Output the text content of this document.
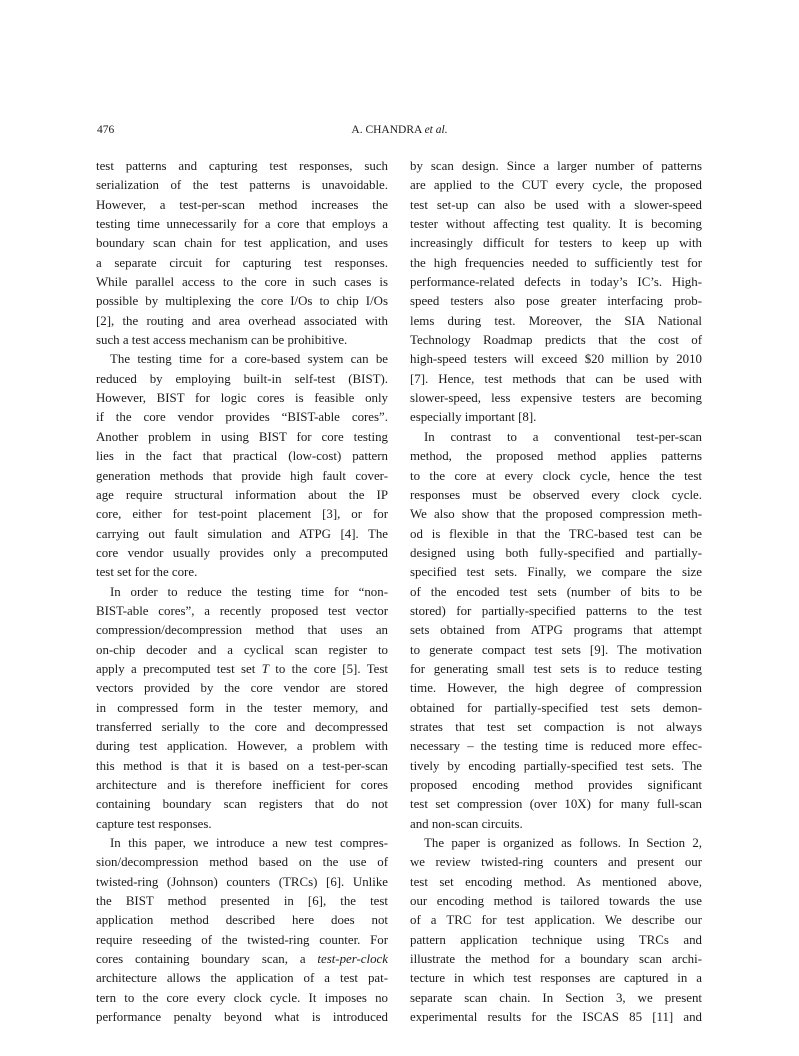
476	A. CHANDRA et al.
test patterns and capturing test responses, such
serialization of the test patterns is unavoidable.
However, a test-per-scan method increases the
testing time unnecessarily for a core that employs a
boundary scan chain for test application, and uses
a separate circuit for capturing test responses.
While parallel access to the core in such cases is
possible by multiplexing the core I/Os to chip I/Os
[2], the routing and area overhead associated with
such a test access mechanism can be prohibitive.
The testing time for a core-based system can be
reduced by employing built-in self-test (BIST).
However, BIST for logic cores is feasible only
if the core vendor provides “BIST-able cores”.
Another problem in using BIST for core testing
lies in the fact that practical (low-cost) pattern
generation methods that provide high fault cover-
age require structural information about the IP
core, either for test-point placement [3], or for
carrying out fault simulation and ATPG [4]. The
core vendor usually provides only a precomputed
test set for the core.
In order to reduce the testing time for “non-
BIST-able cores”, a recently proposed test vector
compression/decompression method that uses an
on-chip decoder and a cyclical scan register to
apply a precomputed test set T to the core [5]. Test
vectors provided by the core vendor are stored
in compressed form in the tester memory, and
transferred serially to the core and decompressed
during test application. However, a problem with
this method is that it is based on a test-per-scan
architecture and is therefore inefficient for cores
containing boundary scan registers that do not
capture test responses.
In this paper, we introduce a new test compres-
sion/decompression method based on the use of
twisted-ring (Johnson) counters (TRCs) [6]. Unlike
the BIST method presented in [6], the test
application method described here does not
require reseeding of the twisted-ring counter. For
cores containing boundary scan, a test-per-clock
architecture allows the application of a test pat-
tern to the core every clock cycle. It imposes no
performance penalty beyond what is introduced
by scan design. Since a larger number of patterns
are applied to the CUT every cycle, the proposed
test set-up can also be used with a slower-speed
tester without affecting test quality. It is becoming
increasingly difficult for testers to keep up with
the high frequencies needed to sufficiently test for
performance-related defects in today’s IC’s. High-
speed testers also pose greater interfacing prob-
lems during test. Moreover, the SIA National
Technology Roadmap predicts that the cost of
high-speed testers will exceed $20 million by 2010
[7]. Hence, test methods that can be used with
slower-speed, less expensive testers are becoming
especially important [8].
In contrast to a conventional test-per-scan
method, the proposed method applies patterns
to the core at every clock cycle, hence the test
responses must be observed every clock cycle.
We also show that the proposed compression meth-
od is flexible in that the TRC-based test can be
designed using both fully-specified and partially-
specified test sets. Finally, we compare the size
of the encoded test sets (number of bits to be
stored) for partially-specified patterns to the test
sets obtained from ATPG programs that attempt
to generate compact test sets [9]. The motivation
for generating small test sets is to reduce testing
time. However, the high degree of compression
obtained for partially-specified test sets demon-
strates that test set compaction is not always
necessary – the testing time is reduced more effec-
tively by encoding partially-specified test sets. The
proposed encoding method provides significant
test set compression (over 10X) for many full-scan
and non-scan circuits.
The paper is organized as follows. In Section 2,
we review twisted-ring counters and present our
test set encoding method. As mentioned above,
our encoding method is tailored towards the use
of a TRC for test application. We describe our
pattern application technique using TRCs and
illustrate the method for a boundary scan archi-
tecture in which test responses are captured in a
separate scan chain. In Section 3, we present
experimental results for the ISCAS 85 [11] and
